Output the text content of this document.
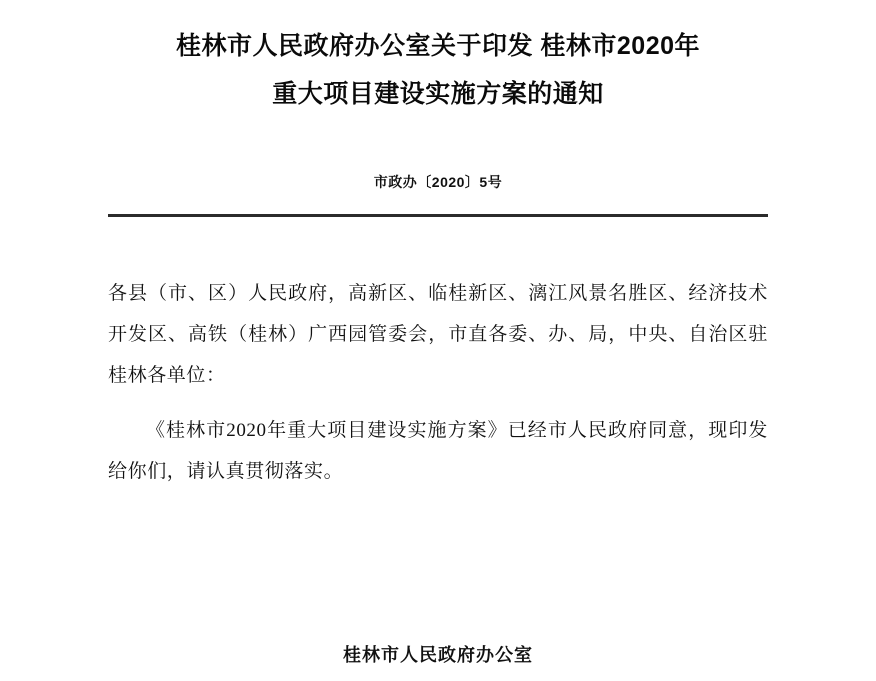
桂林市人民政府办公室关于印发 桂林市2020年
重大项目建设实施方案的通知

市政办〔2020〕5号

各县（市、区）人民政府，高新区、临桂新区、漓江风景名胜区、经济技术开发区、高铁（桂林）广西园管委会，市直各委、办、局，中央、自治区驻桂林各单位：

《桂林市2020年重大项目建设实施方案》已经市人民政府同意，现印发给你们，请认真贯彻落实。

桂林市人民政府办公室
